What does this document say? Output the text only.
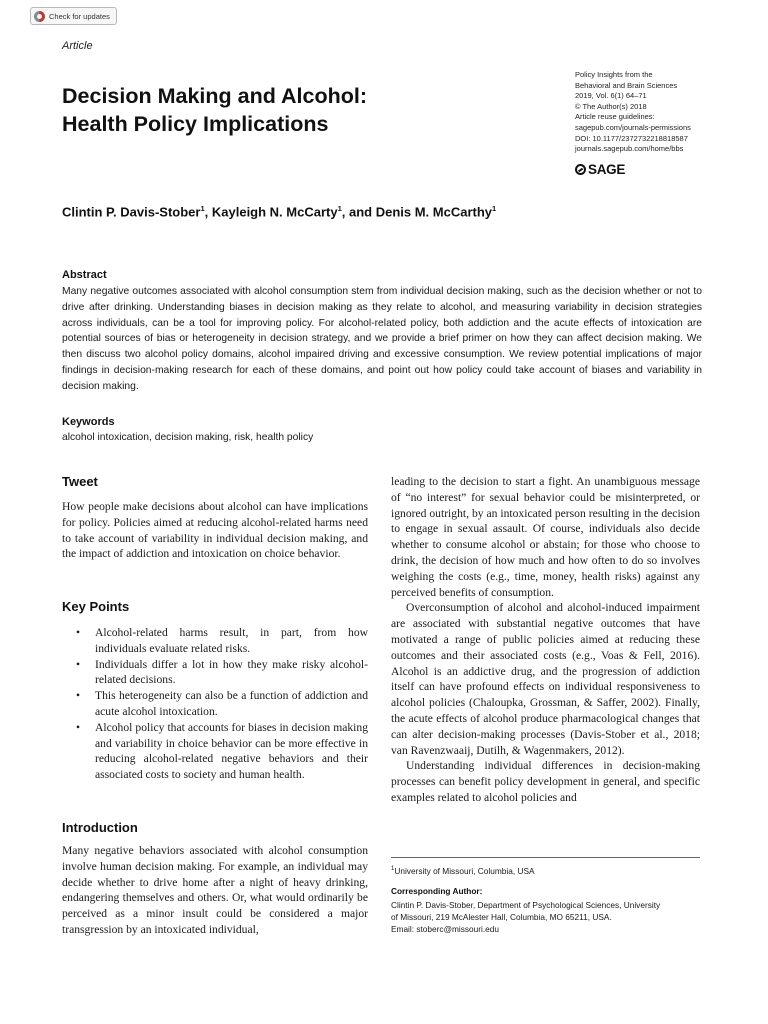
Check for updates
Article
Decision Making and Alcohol:
Health Policy Implications
Policy Insights from the
Behavioral and Brain Sciences
2019, Vol. 6(1) 64–71
© The Author(s) 2018
Article reuse guidelines:
sagepub.com/journals-permissions
DOI: 10.1177/2372732218818587
journals.sagepub.com/home/bbs
SAGE
Clintin P. Davis-Stober$^1$, Kayleigh N. McCarty$^1$, and Denis M. McCarthy$^1$
Abstract

Many negative outcomes associated with alcohol consumption stem from individual decision making, such as the decision whether or not to drive after drinking. Understanding biases in decision making as they relate to alcohol, and measuring variability in decision strategies across individuals, can be a tool for improving policy. For alcohol-related policy, both addiction and the acute effects of intoxication are potential sources of bias or heterogeneity in decision strategy, and we provide a brief primer on how they can affect decision making. We then discuss two alcohol policy domains, alcohol impaired driving and excessive consumption. We review potential implications of major findings in decision-making research for each of these domains, and point out how policy could take account of biases and variability in decision making.

Keywords
alcohol intoxication, decision making, risk, health policy
Tweet

How people make decisions about alcohol can have implications for policy. Policies aimed at reducing alcohol-related harms need to take account of variability in individual decision making, and the impact of addiction and intoxication on choice behavior.

Key Points
• Alcohol-related harms result, in part, from how individuals evaluate related risks.
• Individuals differ a lot in how they make risky alcohol-related decisions.
• This heterogeneity can also be a function of addiction and acute alcohol intoxication.
• Alcohol policy that accounts for biases in decision making and variability in choice behavior can be more effective in reducing alcohol-related negative behaviors and their associated costs to society and human health.
Introduction

Many negative behaviors associated with alcohol consumption involve human decision making. For example, an individual may decide whether to drive home after a night of heavy drinking, endangering themselves and others. Or, what would ordinarily be perceived as a minor insult could be considered a major transgression by an intoxicated individual,

leading to the decision to start a fight. An unambiguous message of “no interest” for sexual behavior could be misinterpreted, or ignored outright, by an intoxicated person resulting in the decision to engage in sexual assault. Of course, individuals also decide whether to consume alcohol or abstain; for those who choose to drink, the decision of how much and how often to do so involves weighing the costs (e.g., time, money, health risks) against any perceived benefits of consumption.

Overconsumption of alcohol and alcohol-induced impairment are associated with substantial negative outcomes that have motivated a range of public policies aimed at reducing these outcomes and their associated costs (e.g., Voas & Fell, 2016). Alcohol is an addictive drug, and the progression of addiction itself can have profound effects on individual responsiveness to alcohol policies (Chaloupka, Grossman, & Saffer, 2002). Finally, the acute effects of alcohol produce pharmacological changes that can alter decision-making processes (Davis-Stober et al., 2018; van Ravenzwaaij, Dutilh, & Wagenmakers, 2012).

Understanding individual differences in decision-making processes can benefit policy development in general, and specific examples related to alcohol policies and

$^1$University of Missouri, Columbia, USA
Corresponding Author:

Clintin P. Davis-Stober, Department of Psychological Sciences, University
of Missouri, 219 McAlester Hall, Columbia, MO 65211, USA.
Email: stoberc@missouri.edu
